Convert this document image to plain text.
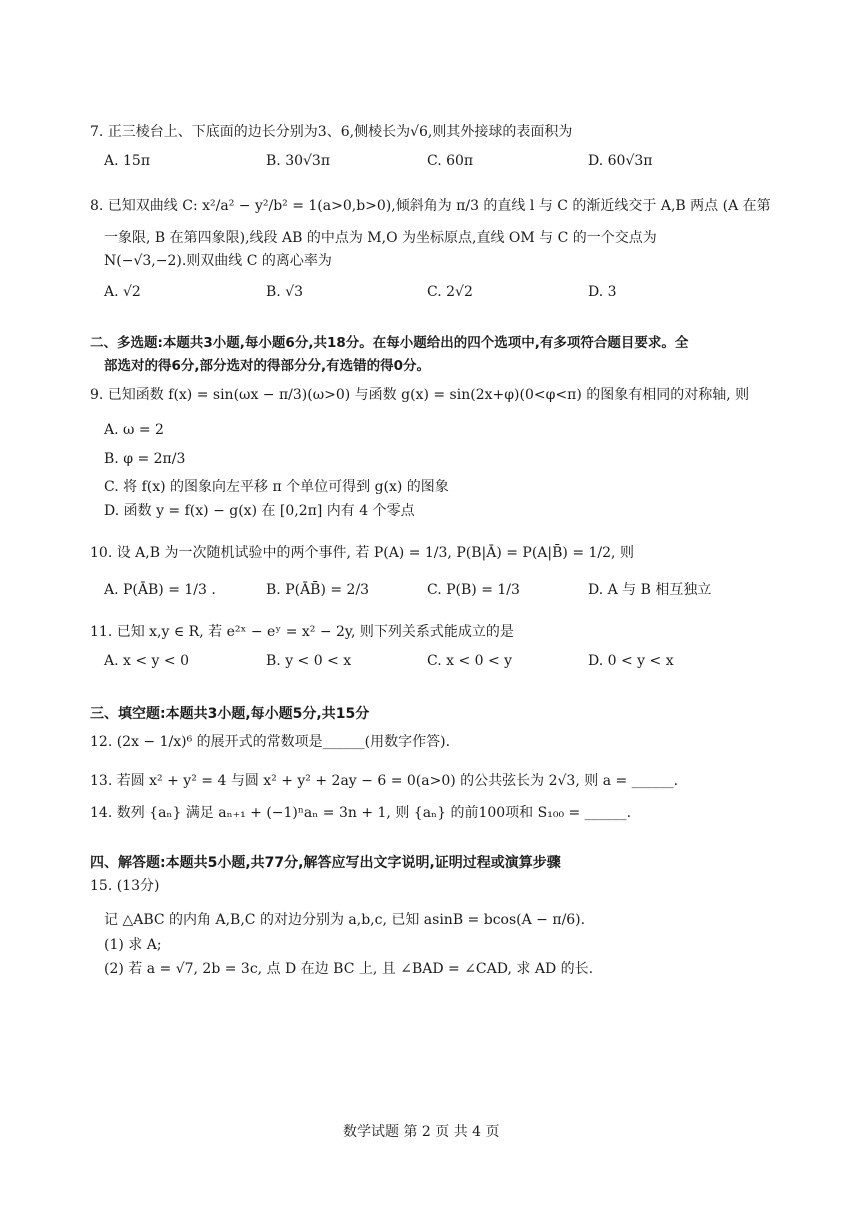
7. 正三棱台上、下底面的边长分别为3、6,侧棱长为√6,则其外接球的表面积为
A. 15π	B. 30√3π	C. 60π	D. 60√3π
8. 已知双曲线 C: x²/a² − y²/b² = 1(a>0,b>0),倾斜角为 π/3 的直线 l 与 C 的渐近线交于 A,B 两点 (A 在第
一象限, B 在第四象限),线段 AB 的中点为 M,O 为坐标原点,直线 OM 与 C 的一个交点为
N(−√3,−2).则双曲线 C 的离心率为
A. √2	B. √3	C. 2√2	D. 3
二、多选题:本题共3小题,每小题6分,共18分。在每小题给出的四个选项中,有多项符合题目要求。全
部选对的得6分,部分选对的得部分分,有选错的得0分。
9. 已知函数 f(x) = sin(ωx − π/3)(ω>0) 与函数 g(x) = sin(2x+φ)(0<φ<π) 的图象有相同的对称轴, 则
A. ω = 2
B. φ = 2π/3
C. 将 f(x) 的图象向左平移 π 个单位可得到 g(x) 的图象
D. 函数 y = f(x) − g(x) 在 [0,2π] 内有 4 个零点
10. 设 A,B 为一次随机试验中的两个事件, 若 P(A) = 1/3, P(B|Ā) = P(A|B̄) = 1/2, 则
A. P(ĀB) = 1/3 .	B. P(ĀB̄) = 2/3	C. P(B) = 1/3	D. A 与 B 相互独立
11. 已知 x,y ∈ R, 若 e²ˣ − eʸ = x² − 2y, 则下列关系式能成立的是
A. x < y < 0	B. y < 0 < x	C. x < 0 < y	D. 0 < y < x
三、填空题:本题共3小题,每小题5分,共15分
12. (2x − 1/x)⁶ 的展开式的常数项是______(用数字作答).
13. 若圆 x² + y² = 4 与圆 x² + y² + 2ay − 6 = 0(a>0) 的公共弦长为 2√3, 则 a = ______.
14. 数列 {aₙ} 满足 aₙ₊₁ + (−1)ⁿaₙ = 3n + 1, 则 {aₙ} 的前100项和 S₁₀₀ = ______.
四、解答题:本题共5小题,共77分,解答应写出文字说明,证明过程或演算步骤
15. (13分)
记 △ABC 的内角 A,B,C 的对边分别为 a,b,c, 已知 asinB = bcos(A − π/6).
(1) 求 A;
(2) 若 a = √7, 2b = 3c, 点 D 在边 BC 上, 且 ∠BAD = ∠CAD, 求 AD 的长.
数学试题 第 2 页 共 4 页
